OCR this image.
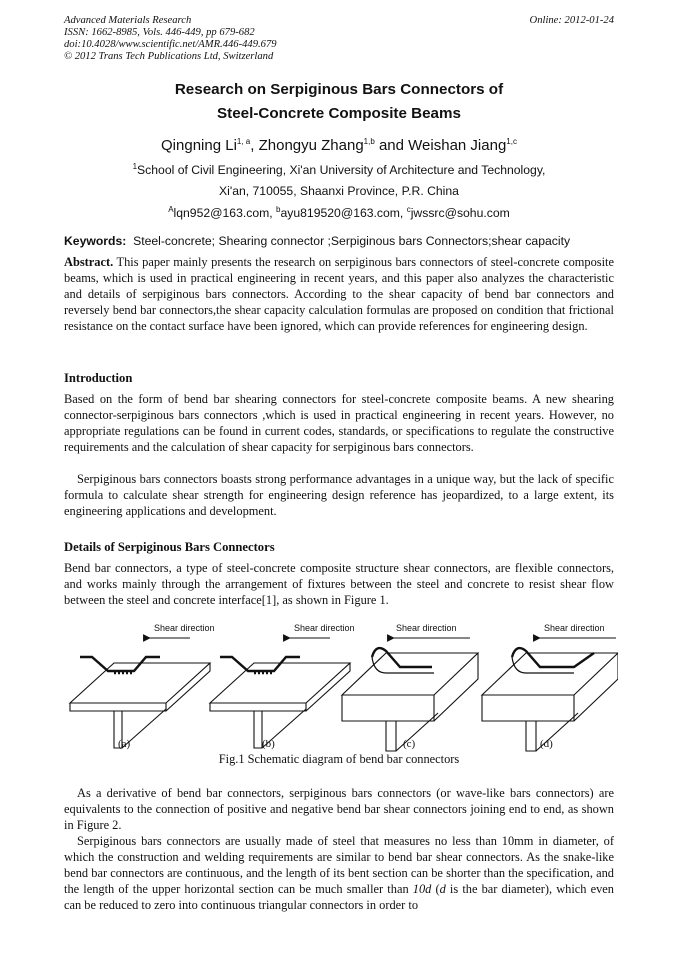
Advanced Materials Research
ISSN: 1662-8985, Vols. 446-449, pp 679-682
doi:10.4028/www.scientific.net/AMR.446-449.679
© 2012 Trans Tech Publications Ltd, Switzerland
Online: 2012-01-24
Research on Serpiginous Bars Connectors of
Steel-Concrete Composite Beams
Qingning Li$^{1, a}$, Zhongyu Zhang$^{1,b}$ and Weishan Jiang$^{1,c}$
$^1$School of Civil Engineering, Xi'an University of Architecture and Technology,
Xi'an, 710055, Shaanxi Province, P.R. China
$^A$lqn952@163.com, $^b$ayu819520@163.com, $^c$jwssrc@sohu.com
Keywords: Steel-concrete; Shearing connector ;Serpiginous bars Connectors;shear capacity
Abstract. This paper mainly presents the research on serpiginous bars connectors of steel-concrete composite beams, which is used in practical engineering in recent years, and this paper also analyzes the characteristic and details of serpiginous bars connectors. According to the shear capacity of bend bar connectors and reversely bend bar connectors,the shear capacity calculation formulas are proposed on condition that frictional resistance on the contact surface have been ignored, which can provide references for engineering design.
Introduction
Based on the form of bend bar shearing connectors for steel-concrete composite beams. A new shearing connector-serpiginous bars connectors ,which is used in practical engineering in recent years. However, no appropriate regulations can be found in current codes, standards, or specifications to regulate the constructive requirements and the calculation of shear capacity for serpiginous bars connectors.
Serpiginous bars connectors boasts strong performance advantages in a unique way, but the lack of specific formula to calculate shear strength for engineering design reference has jeopardized, to a large extent, its engineering applications and development.
Details of Serpiginous Bars Connectors
Bend bar connectors, a type of steel-concrete composite structure shear connectors, are flexible connectors, and works mainly through the arrangement of fixtures between the steel and concrete to resist shear flow between the steel and concrete interface[1], as shown in Figure 1.
Shear direction	Shear direction	Shear direction	Shear direction
(a)	(b)	(c)	(d)
Fig.1 Schematic diagram of bend bar connectors
As a derivative of bend bar connectors, serpiginous bars connectors (or wave-like bars connectors) are equivalents to the connection of positive and negative bend bar shear connectors joining end to end, as shown in Figure 2.
Serpiginous bars connectors are usually made of steel that measures no less than 10mm in diameter, of which the construction and welding requirements are similar to bend bar shear connectors. As the snake-like bend bar connectors are continuous, and the length of its bent section can be shorter than the specification, and the length of the upper horizontal section can be much smaller than 10d (d is the bar diameter), which even can be reduced to zero into continuous triangular connectors in order to
